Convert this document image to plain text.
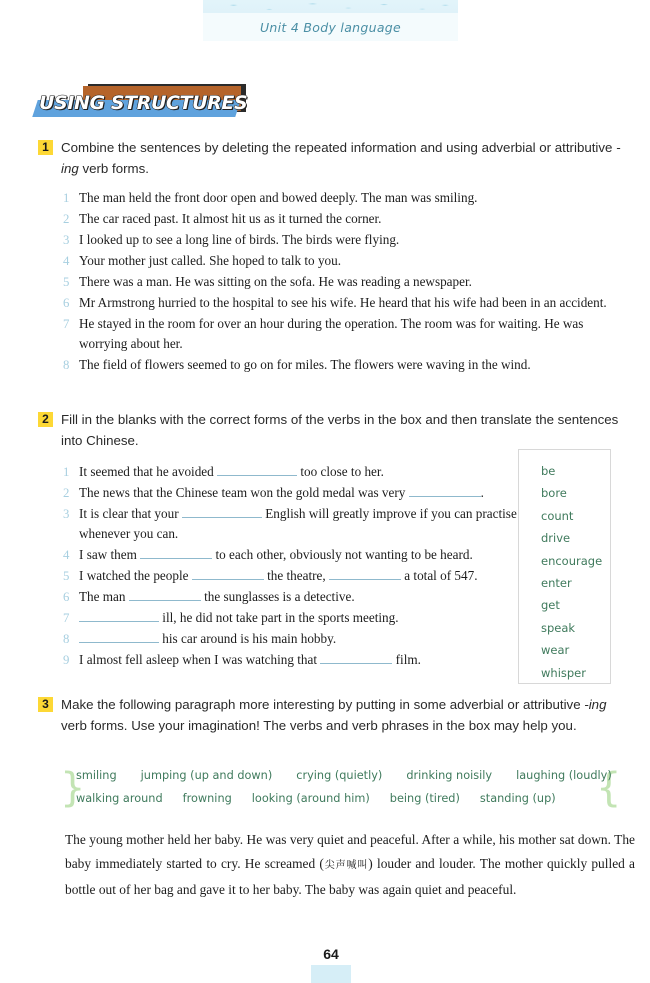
Unit 4 Body language
USING STRUCTURES
1 Combine the sentences by deleting the repeated information and using adverbial or attributive -ing verb forms.
1 The man held the front door open and bowed deeply. The man was smiling.
2 The car raced past. It almost hit us as it turned the corner.
3 I looked up to see a long line of birds. The birds were flying.
4 Your mother just called. She hoped to talk to you.
5 There was a man. He was sitting on the sofa. He was reading a newspaper.
6 Mr Armstrong hurried to the hospital to see his wife. He heard that his wife had been in an accident.
7 He stayed in the room for over an hour during the operation. The room was for waiting. He was worrying about her.
8 The field of flowers seemed to go on for miles. The flowers were waving in the wind.
2 Fill in the blanks with the correct forms of the verbs in the box and then translate the sentences into Chinese.
1 It seemed that he avoided	too close to her.
2 The news that the Chinese team won the gold medal was very	.
3 It is clear that your	English will greatly improve if you can practise  whenever you can.
4 I saw them	to each other, obviously not wanting to be heard.
5 I watched the people	the theatre,	a total of 547.
6 The man	the sunglasses is a detective.
7	ill, he did not take part in the sports meeting.
8	his car around is his main hobby.
9 I almost fell asleep when I was watching that	film.
be
bore
count
drive
encourage
enter
get
speak
wear
whisper
3 Make the following paragraph more interesting by putting in some adverbial or attributive -ing verb forms. Use your imagination! The verbs and verb phrases in the box may help you.
}	{
smiling jumping (up and down) crying (quietly) drinking noisily laughing (loudly)
walking around frowning looking (around him) being (tired) standing (up)
The young mother held her baby. He was very quiet and peaceful. After a while, his mother sat down. The baby immediately started to cry. He screamed (尖声喊叫) louder and louder. The mother quickly pulled a bottle out of her bag and gave it to her baby. The baby was again quiet and peaceful.
64
